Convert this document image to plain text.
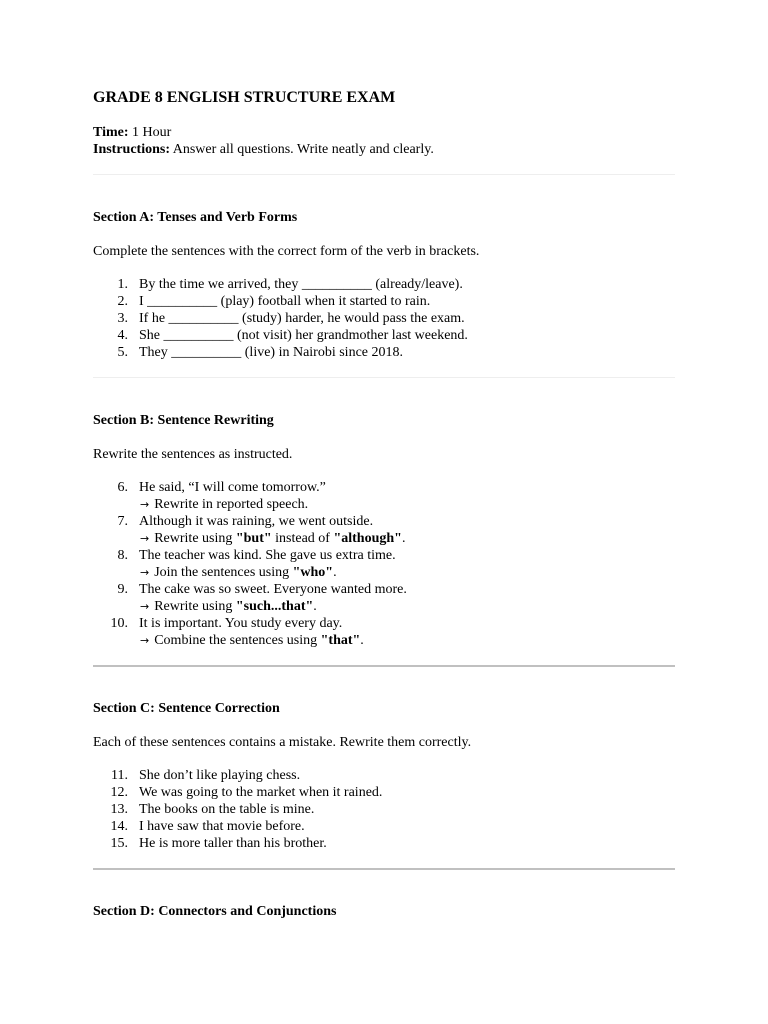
GRADE 8 ENGLISH STRUCTURE EXAM
Time: 1 Hour
Instructions: Answer all questions. Write neatly and clearly.
Section A: Tenses and Verb Forms
Complete the sentences with the correct form of the verb in brackets.
1. By the time we arrived, they __________ (already/leave).
2. I __________ (play) football when it started to rain.
3. If he __________ (study) harder, he would pass the exam.
4. She __________ (not visit) her grandmother last weekend.
5. They __________ (live) in Nairobi since 2018.
Section B: Sentence Rewriting
Rewrite the sentences as instructed.
6. He said, “I will come tomorrow.”
→ Rewrite in reported speech.
7. Although it was raining, we went outside.
→ Rewrite using "but" instead of "although".
8. The teacher was kind. She gave us extra time.
→ Join the sentences using "who".
9. The cake was so sweet. Everyone wanted more.
→ Rewrite using "such...that".
10. It is important. You study every day.
→ Combine the sentences using "that".
Section C: Sentence Correction
Each of these sentences contains a mistake. Rewrite them correctly.
11. She don’t like playing chess.
12. We was going to the market when it rained.
13. The books on the table is mine.
14. I have saw that movie before.
15. He is more taller than his brother.
Section D: Connectors and Conjunctions
